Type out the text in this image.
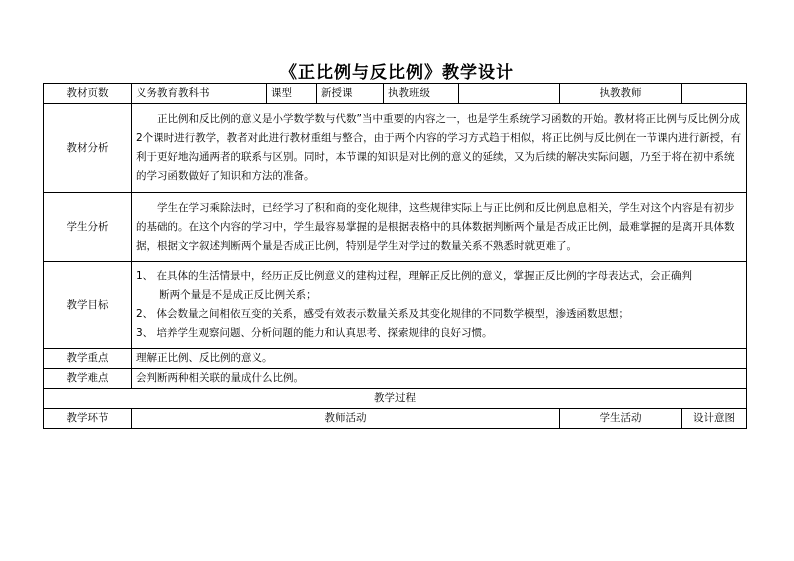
《正比例与反比例》教学设计
教材页数	义务教育教科书	课型	新授课	执教班级		执教教师	
教材分析	正比例和反比例的意义是小学数学数与代数”当中重要的内容之一，也是学生系统学习函数的开始。教材将正比例与反比例分成2个课时进行教学，教者对此进行教材重组与整合，由于两个内容的学习方式趋于相似，将正比例与反比例在一节课内进行新授，有利于更好地沟通两者的联系与区别。同时，本节课的知识是对比例的意义的延续，又为后续的解决实际问题，乃至于将在初中系统的学习函数做好了知识和方法的准备。						
学生分析	学生在学习乘除法时，已经学习了积和商的变化规律，这些规律实际上与正比例和反比例息息相关，学生对这个内容是有初步的基础的。在这个内容的学习中，学生最容易掌握的是根据表格中的具体数据判断两个量是否成正比例，最难掌握的是离开具体数据，根据文字叙述判断两个量是否成正比例，特别是学生对学过的数量关系不熟悉时就更难了。						
教学目标	1、 在具体的生活情景中，经历正反比例意义的建构过程，理解正反比例的意义，掌握正反比例的字母表达式，会正确判

断两个量是不是成正反比例关系；

2、 体会数量之间相依互变的关系，感受有效表示数量关系及其变化规律的不同数学模型，渗透函数思想；

3、 培养学生观察问题、分析问题的能力和认真思考、探索规律的良好习惯。						

教学重点	理解正比例、反比例的意义。						
教学难点	会判断两种相关联的量成什么比例。						
教学过程							
教学环节	教师活动					学生活动	设计意图
